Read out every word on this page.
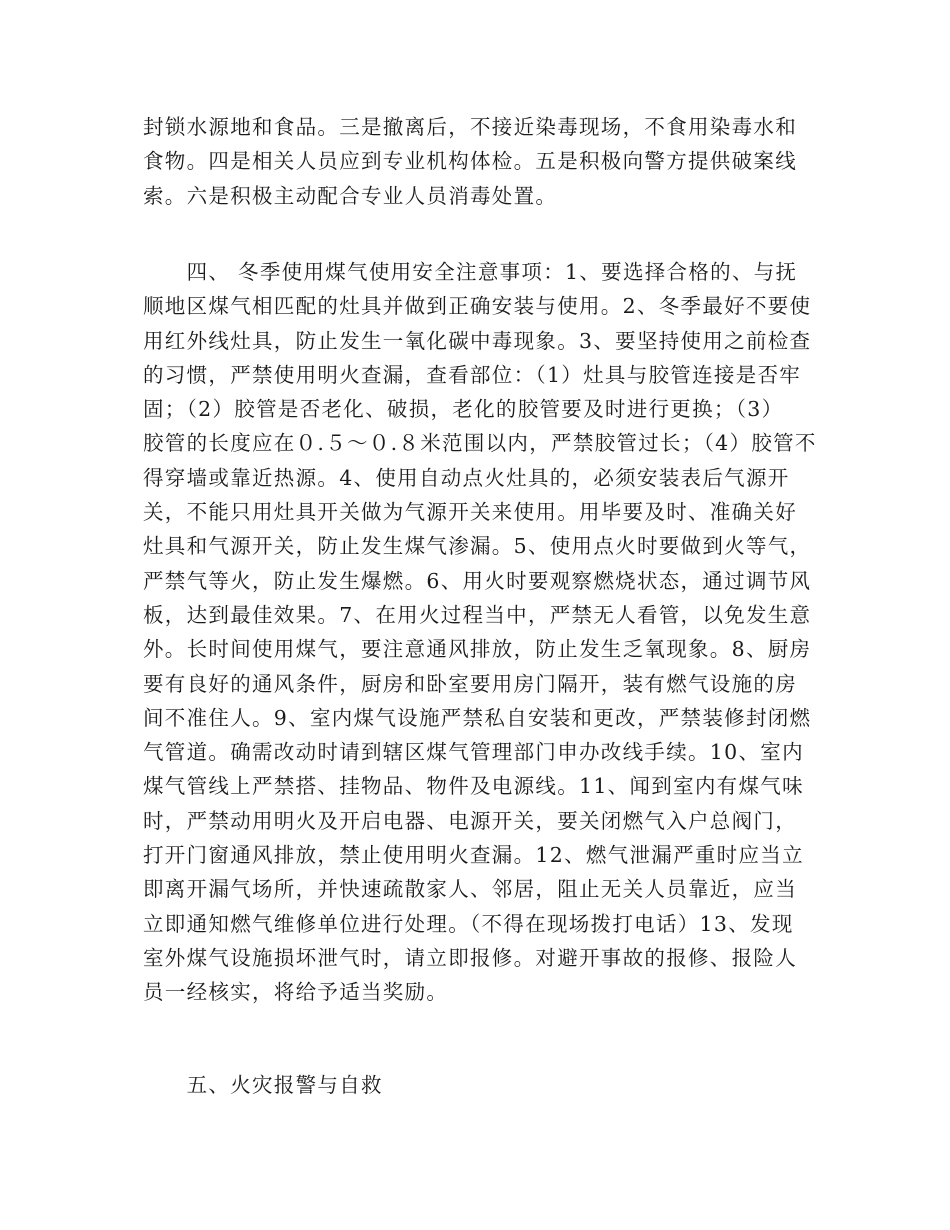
封锁水源地和食品。三是撤离后，不接近染毒现场，不食用染毒水和
食物。四是相关人员应到专业机构体检。五是积极向警方提供破案线
索。六是积极主动配合专业人员消毒处置。
　　四、 冬季使用煤气使用安全注意事项：1、要选择合格的、与抚
顺地区煤气相匹配的灶具并做到正确安装与使用。2、冬季最好不要使
用红外线灶具，防止发生一氧化碳中毒现象。3、要坚持使用之前检查
的习惯，严禁使用明火查漏，查看部位：（1）灶具与胶管连接是否牢
固；（2）胶管是否老化、破损，老化的胶管要及时进行更换；（3）
胶管的长度应在０.５～０.８米范围以内，严禁胶管过长；（4）胶管不
得穿墙或靠近热源。4、使用自动点火灶具的，必须安装表后气源开
关，不能只用灶具开关做为气源开关来使用。用毕要及时、准确关好
灶具和气源开关，防止发生煤气渗漏。5、使用点火时要做到火等气，
严禁气等火，防止发生爆燃。6、用火时要观察燃烧状态，通过调节风
板，达到最佳效果。7、在用火过程当中，严禁无人看管，以免发生意
外。长时间使用煤气，要注意通风排放，防止发生乏氧现象。8、厨房
要有良好的通风条件，厨房和卧室要用房门隔开，装有燃气设施的房
间不准住人。9、室内煤气设施严禁私自安装和更改，严禁装修封闭燃
气管道。确需改动时请到辖区煤气管理部门申办改线手续。10、室内
煤气管线上严禁搭、挂物品、物件及电源线。11、闻到室内有煤气味
时，严禁动用明火及开启电器、电源开关，要关闭燃气入户总阀门，
打开门窗通风排放，禁止使用明火查漏。12、燃气泄漏严重时应当立
即离开漏气场所，并快速疏散家人、邻居，阻止无关人员靠近，应当
立即通知燃气维修单位进行处理。（不得在现场拨打电话）13、发现
室外煤气设施损坏泄气时，请立即报修。对避开事故的报修、报险人
员一经核实，将给予适当奖励。
　　五、火灾报警与自救
